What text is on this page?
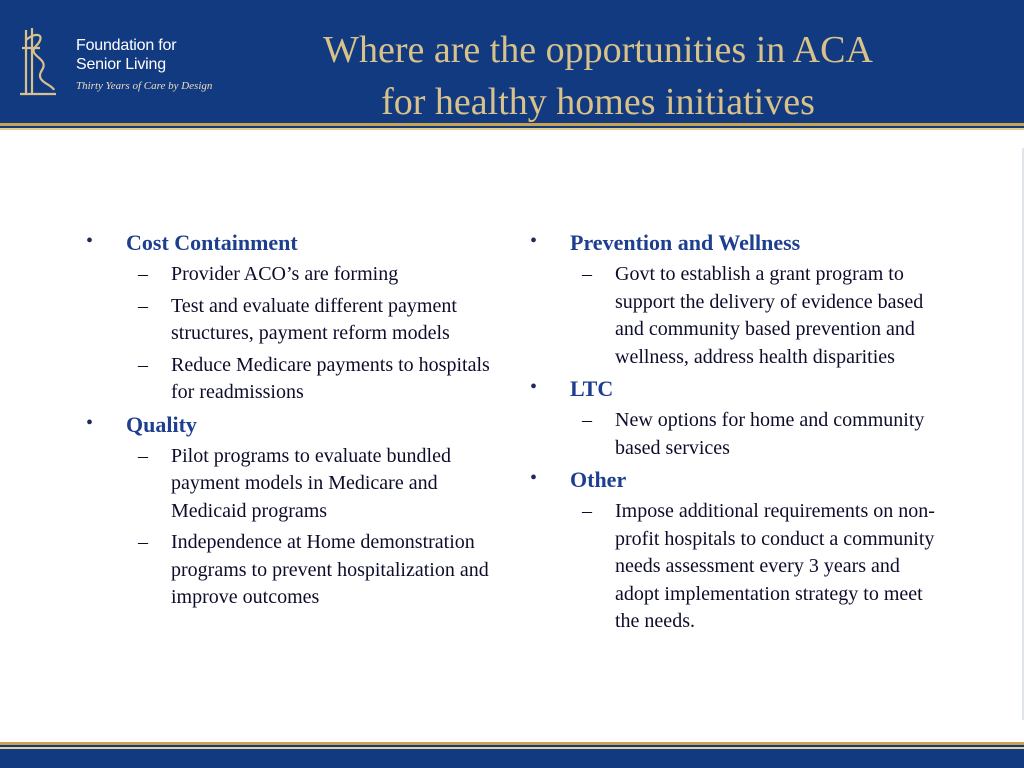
Foundation for
Senior Living
Thirty Years of Care by Design
Where are the opportunities in ACA
for healthy homes initiatives
• Cost Containment
– Provider ACO’s are forming
– Test and evaluate different payment structures, payment reform models
– Reduce Medicare payments to hospitals for readmissions
• Quality
– Pilot programs to evaluate bundled payment models in Medicare and Medicaid programs
– Independence at Home demonstration programs to prevent hospitalization and improve outcomes
• Prevention and Wellness
– Govt to establish a grant program to support the delivery of evidence based and community based prevention and wellness, address health disparities
• LTC
– New options for home and community based services
• Other
– Impose additional requirements on non-profit hospitals to conduct a community needs assessment every 3 years and adopt implementation strategy to meet the needs.
